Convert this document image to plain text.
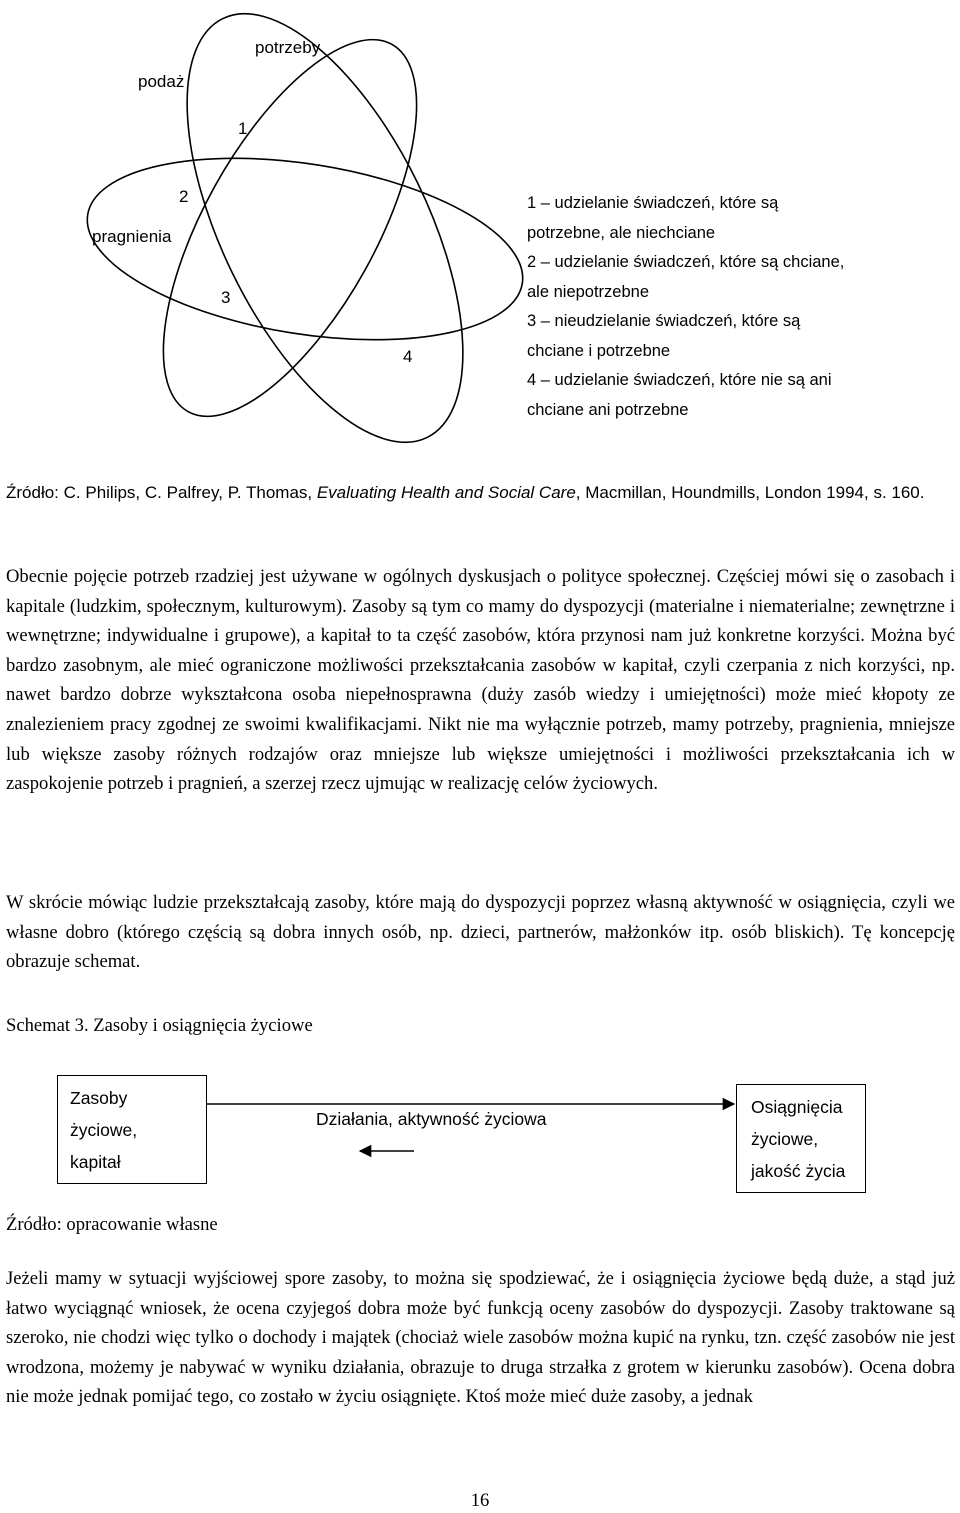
potrzeby
podaż
1
2
pragnienia
3
4
1 – udzielanie świadczeń, które są
potrzebne, ale niechciane
2 – udzielanie świadczeń, które są chciane,
ale niepotrzebne
3 – nieudzielanie świadczeń, które są
chciane i potrzebne
4 – udzielanie świadczeń, które nie są ani
chciane ani potrzebne
Źródło: C. Philips, C. Palfrey, P. Thomas, Evaluating Health and Social Care, Macmillan, Houndmills, London 1994, s. 160.
Obecnie pojęcie potrzeb rzadziej jest używane w ogólnych dyskusjach o polityce społecznej. Częściej mówi się o zasobach i kapitale (ludzkim, społecznym, kulturowym). Zasoby są tym co mamy do dyspozycji (materialne i niematerialne; zewnętrzne i wewnętrzne; indywidualne i grupowe), a kapitał to ta część zasobów, która przynosi nam już konkretne korzyści. Można być bardzo zasobnym, ale mieć ograniczone możliwości przekształcania zasobów w kapitał, czyli czerpania z nich korzyści, np. nawet bardzo dobrze wykształcona osoba niepełnosprawna (duży zasób wiedzy i umiejętności) może mieć kłopoty ze znalezieniem pracy zgodnej ze swoimi kwalifikacjami. Nikt nie ma wyłącznie potrzeb, mamy potrzeby, pragnienia, mniejsze lub większe zasoby różnych rodzajów oraz mniejsze lub większe umiejętności i możliwości przekształcania ich w zaspokojenie potrzeb i pragnień, a szerzej rzecz ujmując w realizację celów życiowych.
W skrócie mówiąc ludzie przekształcają zasoby, które mają do dyspozycji poprzez własną aktywność w osiągnięcia, czyli we własne dobro (którego częścią są dobra innych osób, np. dzieci, partnerów, małżonków itp. osób bliskich). Tę koncepcję obrazuje schemat.
Schemat 3. Zasoby i osiągnięcia życiowe
Zasoby
życiowe,
kapitał
Działania, aktywność życiowa
Osiągnięcia
życiowe,
jakość życia
Źródło: opracowanie własne
Jeżeli mamy w sytuacji wyjściowej spore zasoby, to można się spodziewać, że i osiągnięcia życiowe będą duże, a stąd już łatwo wyciągnąć wniosek, że ocena czyjegoś dobra może być funkcją oceny zasobów do dyspozycji. Zasoby traktowane są szeroko, nie chodzi więc tylko o dochody i majątek (chociaż wiele zasobów można kupić na rynku, tzn. część zasobów nie jest wrodzona, możemy je nabywać w wyniku działania, obrazuje to druga strzałka z grotem w kierunku zasobów). Ocena dobra nie może jednak pomijać tego, co zostało w życiu osiągnięte. Ktoś może mieć duże zasoby, a jednak
16
